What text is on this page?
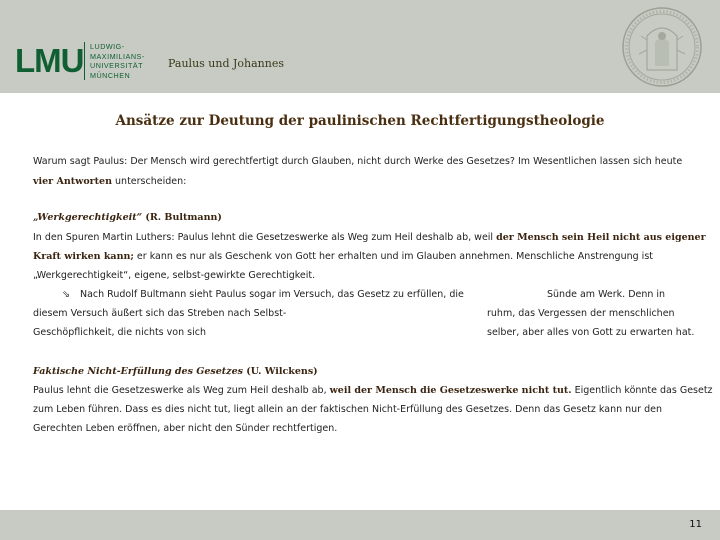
LMU LUDWIG-
MAXIMILIANS-
UNIVERSITÄT
MÜNCHEN
Paulus und Johannes
Ansätze zur Deutung der paulinischen Rechtfertigungstheologie
Warum sagt Paulus: Der Mensch wird gerechtfertigt durch Glauben, nicht durch Werke des Gesetzes? Im Wesentlichen lassen sich heute
vier Antworten unterscheiden:
„Werkgerechtigkeit“ (R. Bultmann)
In den Spuren Martin Luthers: Paulus lehnt die Gesetzeswerke als Weg zum Heil deshalb ab, weil der Mensch sein Heil nicht aus eigener
Kraft wirken kann; er kann es nur als Geschenk von Gott her erhalten und im Glauben annehmen. Menschliche Anstrengung ist
„Werkgerechtigkeit“, eigene, selbst-gewirkte Gerechtigkeit.
⇘ Nach Rudolf Bultmann sieht Paulus sogar im Versuch, das Gesetz zu erfüllen, die	Sünde am Werk. Denn in
diesem Versuch äußert sich das Streben nach Selbst-	ruhm, das Vergessen der menschlichen
Geschöpflichkeit, die nichts von sich	selber, aber alles von Gott zu erwarten hat.
Faktische Nicht-Erfüllung des Gesetzes (U. Wilckens)
Paulus lehnt die Gesetzeswerke als Weg zum Heil deshalb ab, weil der Mensch die Gesetzeswerke nicht tut. Eigentlich könnte das Gesetz
zum Leben führen. Dass es dies nicht tut, liegt allein an der faktischen Nicht-Erfüllung des Gesetzes. Denn das Gesetz kann nur den
Gerechten Leben eröffnen, aber nicht den Sünder rechtfertigen.
11
